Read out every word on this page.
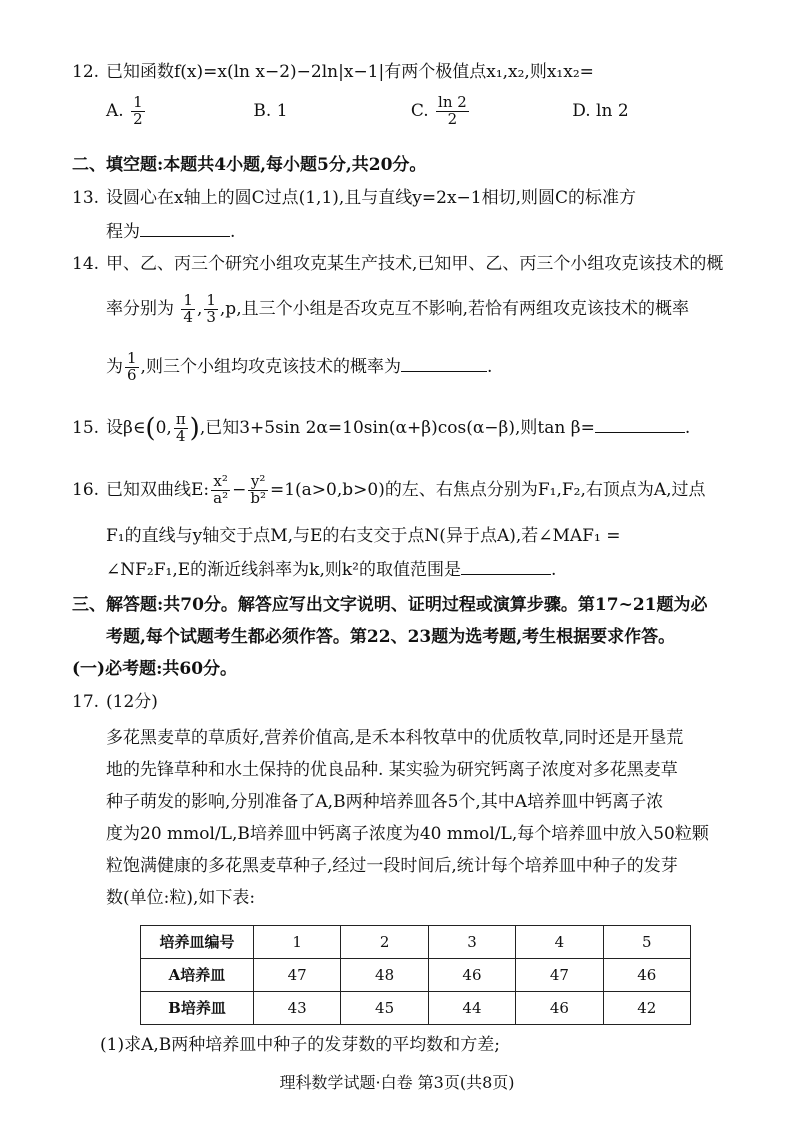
12. 已知函数f(x)=x(ln x−2)−2ln|x−1|有两个极值点x₁,x₂,则x₁x₂=
A. $\frac{1}{2}$	B. 1	C. $\frac{\ln 2}{2}$	D. ln 2
二、填空题:本题共4小题,每小题5分,共20分。
13. 设圆心在x轴上的圆C过点(1,1),且与直线y=2x−1相切,则圆C的标准方
程为	.
14. 甲、乙、丙三个研究小组攻克某生产技术,已知甲、乙、丙三个小组攻克该技术的概
率分别为 $\frac{1}{4}$ , $\frac{1}{3} ,p$,且三个小组是否攻克互不影响,若恰有两组攻克该技术的概率
为 $\frac{1}{6}$ ,则三个小组均攻克该技术的概率为	.
15. 设β∈(0, $\frac{\pi}{4}$ ),已知3+5sin 2α=10sin(α+β)cos(α−β),则tan β=	.
16. 已知双曲线E: $\frac{\text{x²}}{\text{a²}} - \frac{\text{y²}}{\text{b²}} =1(a>0,b>0)$的左、右焦点分别为F₁,F₂,右顶点为A,过点
F₁的直线与y轴交于点M,与E的右支交于点N(异于点A),若∠MAF₁ =
∠NF₂F₁,E的渐近线斜率为k,则k²的取值范围是	.
三、解答题:共70分。解答应写出文字说明、证明过程或演算步骤。第17~21题为必
考题,每个试题考生都必须作答。第22、23题为选考题,考生根据要求作答。
(一)必考题:共60分。
17. (12分)
多花黑麦草的草质好,营养价值高,是禾本科牧草中的优质牧草,同时还是开垦荒
地的先锋草种和水土保持的优良品种. 某实验为研究钙离子浓度对多花黑麦草
种子萌发的影响,分别准备了A,B两种培养皿各5个,其中A培养皿中钙离子浓
度为20 mmol/L,B培养皿中钙离子浓度为40 mmol/L,每个培养皿中放入50粒颗
粒饱满健康的多花黑麦草种子,经过一段时间后,统计每个培养皿中种子的发芽
数(单位:粒),如下表:
培养皿编号	1	2	3	4	5
A培养皿	47	48	46	47	46
B培养皿	43	45	44	46	42
(1)求A,B两种培养皿中种子的发芽数的平均数和方差;
理科数学试题·白卷 第3页(共8页)
